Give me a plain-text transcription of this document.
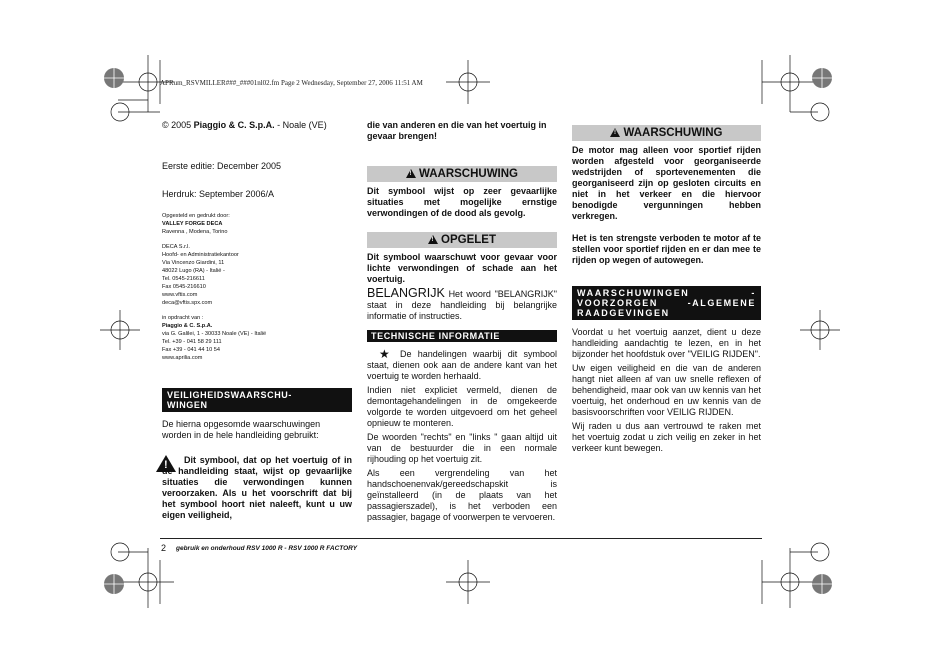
APRum_RSVMILLER###_###01nl02.fm Page 2 Wednesday, September 27, 2006 11:51 AM
© 2005 Piaggio & C. S.p.A. - Noale (VE)
Eerste editie: December 2005
Herdruk: September 2006/A
Opgesteld en gedrukt door:
VALLEY FORGE DECA
Ravenna , Modena, Torino
DECA S.r.l.
Hoofd- en Administratiekantoor
Via Vincenzo Giardini, 11
48022 Lugo (RA) - Italië -
Tel. 0545-216611
Fax 0545-216610
www.vftis.com
deca@vftis.spx.com
in opdracht van :
Piaggio & C. S.p.A.
via G. Galilei, 1 - 30033 Noale (VE) - Italië
Tel. +39 - 041 58 29 111
Fax +39 - 041 44 10 54
www.aprilia.com
VEILIGHEIDSWAARSCHU-
WINGEN
De hierna opgesomde waarschuwingen worden in de hele handleiding gebruikt:
!
Dit symbool, dat op het voertuig of in de handleiding staat, wijst op gevaarlijke situaties die verwondingen kunnen veroorzaken. Als u het voorschrift dat bij het symbool hoort niet naleeft, kunt u uw eigen veiligheid,
die van anderen en die van het voertuig in gevaar brengen!
!WAARSCHUWING
Dit symbool wijst op zeer gevaarlijke situaties met mogelijke ernstige verwondingen of de dood als gevolg.
!OPGELET
Dit symbool waarschuwt voor gevaar voor lichte verwondingen of schade aan het voertuig.
BELANGRIJK Het woord "BELANGRIJK" staat in deze handleiding bij belangrijke informatie of instructies.
TECHNISCHE INFORMATIE
★	De handelingen waarbij dit symbool staat, dienen ook aan de andere kant van het voertuig te worden herhaald.
Indien niet expliciet vermeld, dienen de demontagehandelingen in de omgekeerde volgorde te worden uitgevoerd om het geheel opnieuw te monteren.
De woorden "rechts" en "links " gaan altijd uit van de bestuurder die in een normale rijhouding op het voertuig zit.
Als een vergrendeling van het handschoenenvak/gereedschapskit is geïnstalleerd (in de plaats van het passagierszadel), is het verboden een passagier, bagage of voorwerpen te vervoeren.
!WAARSCHUWING
De motor mag alleen voor sportief rijden worden afgesteld voor georganiseerde wedstrijden of sportevenementen die georganiseerd zijn op gesloten circuits en niet in het verkeer en die hiervoor benodigde vergunningen hebben verkregen.
Het is ten strengste verboden te motor af te stellen voor sportief rijden en er dan mee te rijden op wegen of autowegen.
WAARSCHUWINGEN - VOORZORGEN -ALGEMENE RAADGEVINGEN
Voordat u het voertuig aanzet, dient u deze handleiding aandachtig te lezen, en in het bijzonder het hoofdstuk over "VEILIG RIJDEN".
Uw eigen veiligheid en die van de anderen hangt niet alleen af van uw snelle reflexen of behendigheid, maar ook van uw kennis van het voertuig, het onderhoud en uw kennis van de basisvoorschriften voor VEILIG RIJDEN.
Wij raden u dus aan vertrouwd te raken met het voertuig zodat u zich veilig en zeker in het verkeer kunt bewegen.
2 gebruik en onderhoud RSV 1000 R - RSV 1000 R FACTORY
